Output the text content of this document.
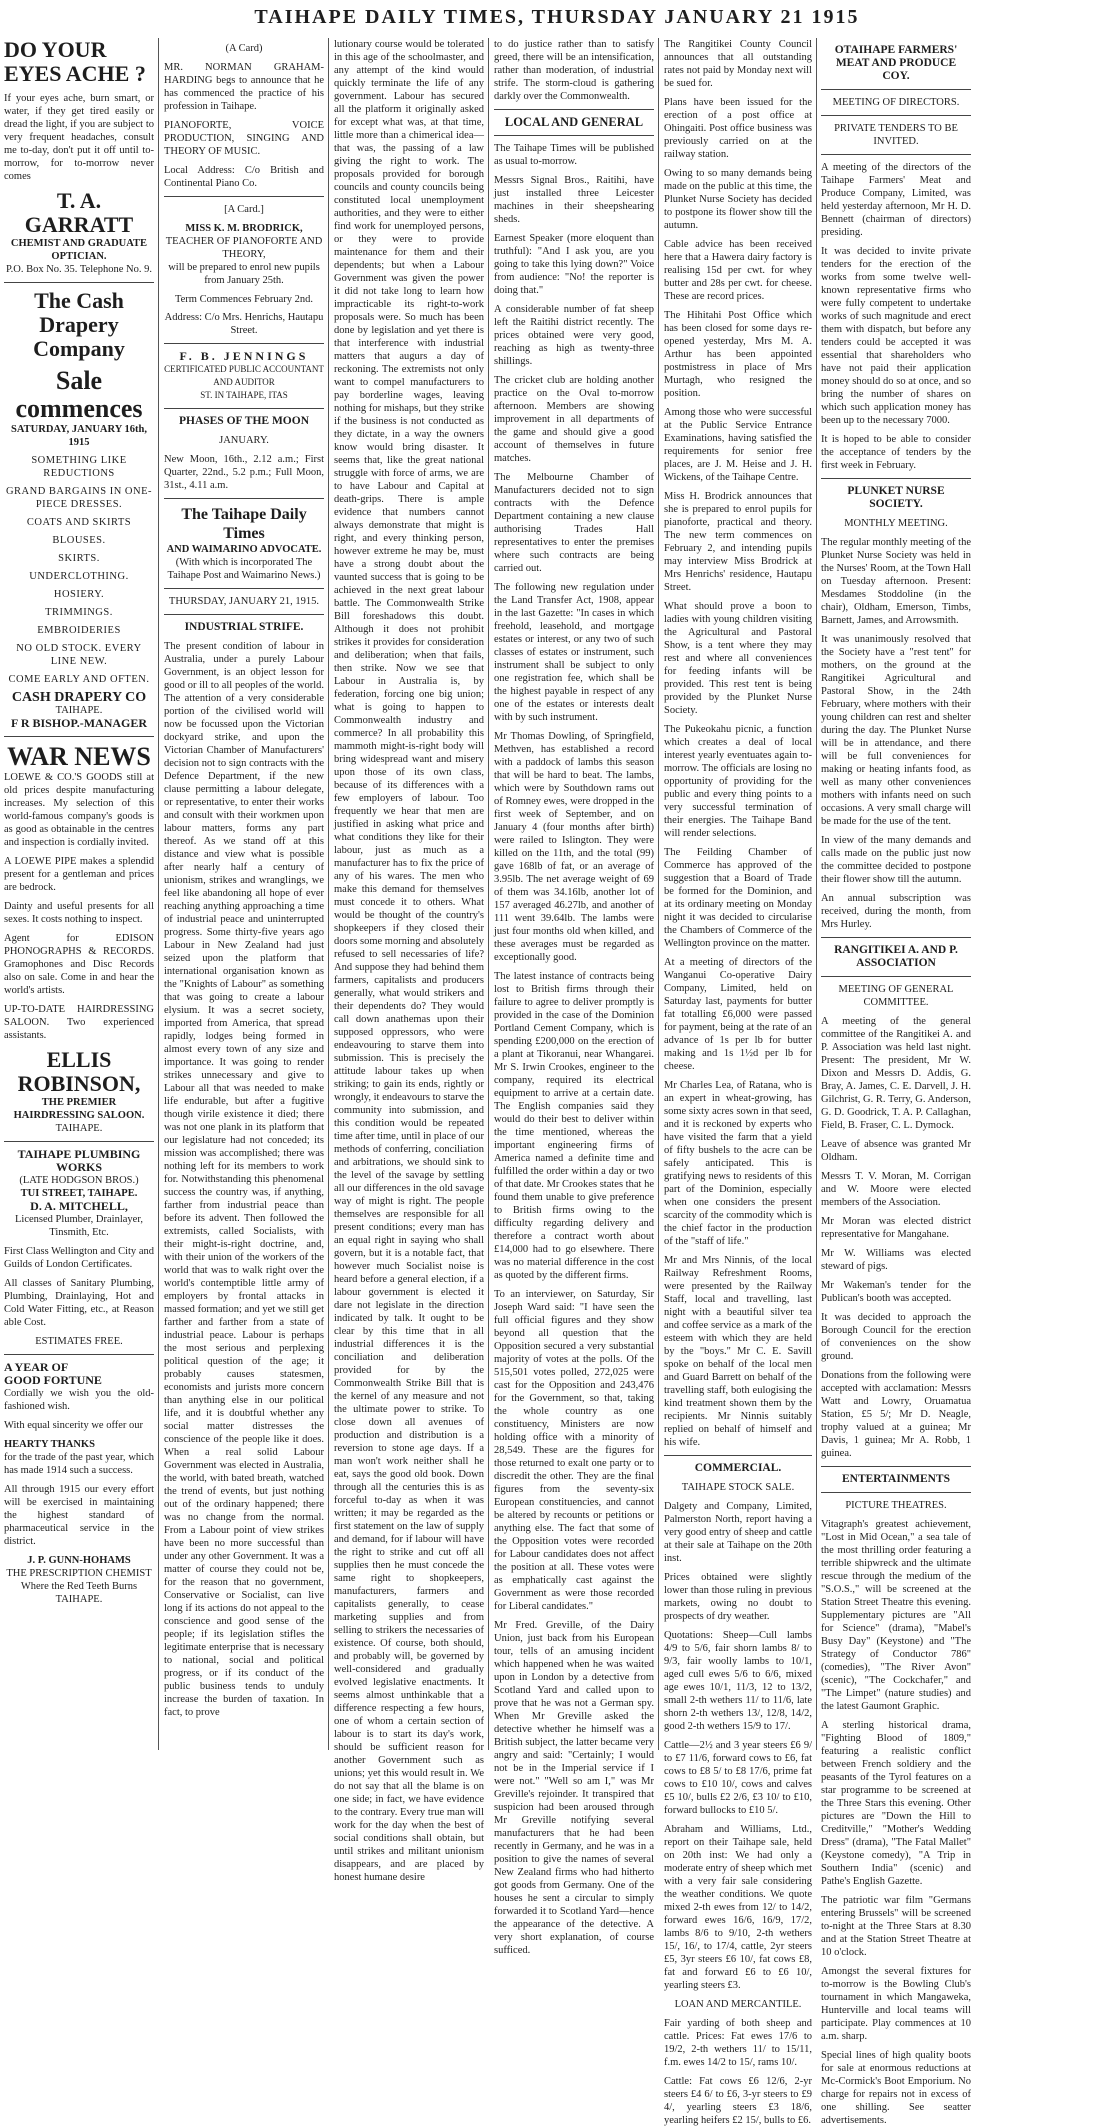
TAIHAPE DAILY TIMES, THURSDAY JANUARY 21 1915
DO YOUR EYES ACHE ?

If your eyes ache, burn smart, or water, if they get tired easily or dread the light, if you are subject to very frequent headaches, consult me to-day, don't put it off until to-morrow, for to-morrow never comes

T. A. GARRATT
CHEMIST AND GRADUATE OPTICIAN.
P.O. Box No. 35. Telephone No. 9.
The Cash Drapery Company
Sale commences
SATURDAY, JANUARY 16th, 1915
SOMETHING LIKE REDUCTIONS
GRAND BARGAINS IN ONE-PIECE DRESSES.
COATS AND SKIRTS
BLOUSES.
SKIRTS.
UNDERCLOTHING.
HOSIERY.
TRIMMINGS.
EMBROIDERIES
NO OLD STOCK. EVERY LINE NEW.
COME EARLY AND OFTEN.
CASH DRAPERY CO
TAIHAPE.
F R BISHOP.-MANAGER
WAR NEWS

LOEWE & CO.'S GOODS still at old prices despite manufacturing increases. My selection of this world-famous company's goods is as good as obtainable in the centres and inspection is cordially invited.

A LOEWE PIPE makes a splendid present for a gentleman and prices are bedrock.

Dainty and useful presents for all sexes. It costs nothing to inspect.

Agent for EDISON PHONOGRAPHS & RECORDS. Gramophones and Disc Records also on sale. Come in and hear the world's artists.

UP-TO-DATE HAIRDRESSING SALOON. Two experienced assistants.

ELLIS ROBINSON,
THE PREMIER HAIRDRESSING SALOON.
TAIHAPE.
TAIHAPE PLUMBING WORKS
(LATE HODGSON BROS.)
TUI STREET, TAIHAPE.
D. A. MITCHELL,

Licensed Plumber, Drainlayer, Tinsmith, Etc.

First Class Wellington and City and Guilds of London Certificates.

All classes of Sanitary Plumbing, Plumbing, Drainlaying, Hot and Cold Water Fitting, etc., at Reason able Cost.

ESTIMATES FREE.
A YEAR OF
GOOD FORTUNE

Cordially we wish you the old-fashioned wish.

With equal sincerity we offer our

HEARTY THANKS

for the trade of the past year, which has made 1914 such a success.

All through 1915 our every effort will be exercised in maintaining the highest standard of pharmaceutical service in the district.

J. P. GUNN-HOHAMS
THE PRESCRIPTION CHEMIST
Where the Red Teeth Burns
TAIHAPE.
(A Card)

MR. NORMAN GRAHAM-HARDING begs to announce that he has commenced the practice of his profession in Taihape.

PIANOFORTE, VOICE PRODUCTION, SINGING AND THEORY OF MUSIC.

Local Address: C/o British and Continental Piano Co.

[A Card.]
MISS K. M. BRODRICK,
TEACHER OF PIANOFORTE AND THEORY,

will be prepared to enrol new pupils from January 25th.

Term Commences February 2nd.

Address: C/o Mrs. Henrichs, Hautapu Street.

F. B. JENNINGS
CERTIFICATED PUBLIC ACCOUNTANT AND AUDITOR
ST. IN TAIHAPE, ITAS
PHASES OF THE MOON
JANUARY.

New Moon, 16th., 2.12 a.m.; First Quarter, 22nd., 5.2 p.m.; Full Moon, 31st., 4.11 a.m.

The Taihape Daily Times
AND WAIMARINO ADVOCATE.

(With which is incorporated The Taihape Post and Waimarino News.)

THURSDAY, JANUARY 21, 1915.
INDUSTRIAL STRIFE.

The present condition of labour in Australia, under a purely Labour Government, is an object lesson for good or ill to all peoples of the world. The attention of a very considerable portion of the civilised world will now be focussed upon the Victorian dockyard strike, and upon the Victorian Chamber of Manufacturers' decision not to sign contracts with the Defence Department, if the new clause permitting a labour delegate, or representative, to enter their works and consult with their workmen upon labour matters, forms any part thereof. As we stand off at this distance and view what is possible after nearly half a century of unionism, strikes and wranglings, we feel like abandoning all hope of ever reaching anything approaching a time of industrial peace and uninterrupted progress. Some thirty-five years ago Labour in New Zealand had just seized upon the platform that international organisation known as the "Knights of Labour" as something that was going to create a labour elysium. It was a secret society, imported from America, that spread rapidly, lodges being formed in almost every town of any size and importance. It was going to render strikes unnecessary and give to Labour all that was needed to make life endurable, but after a fugitive though virile existence it died; there was not one plank in its platform that our legislature had not conceded; its mission was accomplished; there was nothing left for its members to work for. Notwithstanding this phenomenal success the country was, if anything, farther from industrial peace than before its advent. Then followed the extremists, called Socialists, with their might-is-right doctrine, and, with their union of the workers of the world that was to walk right over the world's contemptible little army of employers by frontal attacks in massed formation; and yet we still get farther and farther from a state of industrial peace. Labour is perhaps the most serious and perplexing political question of the age; it probably causes statesmen, economists and jurists more concern than anything else in our political life, and it is doubtful whether any social matter distresses the conscience of the people like it does. When a real solid Labour Government was elected in Australia, the world, with bated breath, watched the trend of events, but just nothing out of the ordinary happened; there was no change from the normal. From a Labour point of view strikes have been no more successful than under any other Government. It was a matter of course they could not be, for the reason that no government, Conservative or Socialist, can live long if its actions do not appeal to the conscience and good sense of the people; if its legislation stifles the legitimate enterprise that is necessary to national, social and political progress, or if its conduct of the public business tends to unduly increase the burden of taxation. In fact, to prove

lutionary course would be tolerated in this age of the schoolmaster, and any attempt of the kind would quickly terminate the life of any government. Labour has secured all the platform it originally asked for except what was, at that time, little more than a chimerical idea—that was, the passing of a law giving the right to work. The proposals provided for borough councils and county councils being constituted local unemployment authorities, and they were to either find work for unemployed persons, or they were to provide maintenance for them and their dependents; but when a Labour Government was given the power it did not take long to learn how impracticable its right-to-work proposals were. So much has been done by legislation and yet there is that interference with industrial matters that augurs a day of reckoning. The extremists not only want to compel manufacturers to pay borderline wages, leaving nothing for mishaps, but they strike if the business is not conducted as they dictate, in a way the owners know would bring disaster. It seems that, like the great national struggle with force of arms, we are to have Labour and Capital at death-grips. There is ample evidence that numbers cannot always demonstrate that might is right, and every thinking person, however extreme he may be, must have a strong doubt about the vaunted success that is going to be achieved in the next great labour battle. The Commonwealth Strike Bill foreshadows this doubt. Although it does not prohibit strikes it provides for consideration and deliberation; when that fails, then strike. Now we see that Labour in Australia is, by federation, forcing one big union; what is going to happen to Commonwealth industry and commerce? In all probability this mammoth might-is-right body will bring widespread want and misery upon those of its own class, because of its differences with a few employers of labour. Too frequently we hear that men are justified in asking what price and what conditions they like for their labour, just as much as a manufacturer has to fix the price of any of his wares. The men who make this demand for themselves must concede it to others. What would be thought of the country's shopkeepers if they closed their doors some morning and absolutely refused to sell necessaries of life? And suppose they had behind them farmers, capitalists and producers generally, what would strikers and their dependents do? They would call down anathemas upon their supposed oppressors, who were endeavouring to starve them into submission. This is precisely the attitude labour takes up when striking; to gain its ends, rightly or wrongly, it endeavours to starve the community into submission, and this condition would be repeated time after time, until in place of our methods of conferring, conciliation and arbitrations, we should sink to the level of the savage by settling all our differences in the old savage way of might is right. The people themselves are responsible for all present conditions; every man has an equal right in saying who shall govern, but it is a notable fact, that however much Socialist noise is heard before a general election, if a labour government is elected it dare not legislate in the direction indicated by talk. It ought to be clear by this time that in all industrial differences it is the conciliation and deliberation provided for by the Commonwealth Strike Bill that is the kernel of any measure and not the ultimate power to strike. To close down all avenues of production and distribution is a reversion to stone age days. If a man won't work neither shall he eat, says the good old book. Down through all the centuries this is as forceful to-day as when it was written; it may be regarded as the first statement on the law of supply and demand, for if labour will have the right to strike and cut off all supplies then he must concede the same right to shopkeepers, manufacturers, farmers and capitalists generally, to cease marketing supplies and from selling to strikers the necessaries of existence. Of course, both should, and probably will, be governed by well-considered and gradually evolved legislative enactments. It seems almost unthinkable that a difference respecting a few hours, one of whom a certain section of labour is to start its day's work, should be sufficient reason for another Government such as unions; yet this would result in. We do not say that all the blame is on one side; in fact, we have evidence to the contrary. Every true man will work for the day when the best of social conditions shall obtain, but until strikes and militant unionism disappears, and are placed by honest humane desire

to do justice rather than to satisfy greed, there will be an intensification, rather than moderation, of industrial strife. The storm-cloud is gathering darkly over the Commonwealth.

LOCAL AND GENERAL

The Taihape Times will be published as usual to-morrow.

Messrs Signal Bros., Raitihi, have just installed three Leicester machines in their sheepshearing sheds.

Earnest Speaker (more eloquent than truthful): "And I ask you, are you going to take this lying down?" Voice from audience: "No! the reporter is doing that."

A considerable number of fat sheep left the Raitihi district recently. The prices obtained were very good, reaching as high as twenty-three shillings.

The cricket club are holding another practice on the Oval to-morrow afternoon. Members are showing improvement in all departments of the game and should give a good account of themselves in future matches.

The Melbourne Chamber of Manufacturers decided not to sign contracts with the Defence Department containing a new clause authorising Trades Hall representatives to enter the premises where such contracts are being carried out.

The following new regulation under the Land Transfer Act, 1908, appear in the last Gazette: "In cases in which freehold, leasehold, and mortgage estates or interest, or any two of such classes of estates or instrument, such instrument shall be subject to only one registration fee, which shall be the highest payable in respect of any one of the estates or interests dealt with by such instrument.

Mr Thomas Dowling, of Springfield, Methven, has established a record with a paddock of lambs this season that will be hard to beat. The lambs, which were by Southdown rams out of Romney ewes, were dropped in the first week of September, and on January 4 (four months after birth) were railed to Islington. They were killed on the 11th, and the total (99) gave 168lb of fat, or an average of 3.95lb. The net average weight of 69 of them was 34.16lb, another lot of 157 averaged 46.27lb, and another of 111 went 39.64lb. The lambs were just four months old when killed, and these averages must be regarded as exceptionally good.

The latest instance of contracts being lost to British firms through their failure to agree to deliver promptly is provided in the case of the Dominion Portland Cement Company, which is spending £200,000 on the erection of a plant at Tikoranui, near Whangarei. Mr S. Irwin Crookes, engineer to the company, required its electrical equipment to arrive at a certain date. The English companies said they would do their best to deliver within the time mentioned, whereas the important engineering firms of America named a definite time and fulfilled the order within a day or two of that date. Mr Crookes states that he found them unable to give preference to British firms owing to the difficulty regarding delivery and therefore a contract worth about £14,000 had to go elsewhere. There was no material difference in the cost as quoted by the different firms.

To an interviewer, on Saturday, Sir Joseph Ward said: "I have seen the full official figures and they show beyond all question that the Opposition secured a very substantial majority of votes at the polls. Of the 515,501 votes polled, 272,025 were cast for the Opposition and 243,476 for the Government, so that, taking the whole country as one constituency, Ministers are now holding office with a minority of 28,549. These are the figures for those returned to exalt one party or to discredit the other. They are the final figures from the seventy-six European constituencies, and cannot be altered by recounts or petitions or anything else. The fact that some of the Opposition votes were recorded for Labour candidates does not affect the position at all. These votes were as emphatically cast against the Government as were those recorded for Liberal candidates."

Mr Fred. Greville, of the Dairy Union, just back from his European tour, tells of an amusing incident which happened when he was waited upon in London by a detective from Scotland Yard and called upon to prove that he was not a German spy. When Mr Greville asked the detective whether he himself was a British subject, the latter became very angry and said: "Certainly; I would not be in the Imperial service if I were not." "Well so am I," was Mr Greville's rejoinder. It transpired that suspicion had been aroused through Mr Greville notifying several manufacturers that he had been recently in Germany, and he was in a position to give the names of several New Zealand firms who had hitherto got goods from Germany. One of the houses he sent a circular to simply forwarded it to Scotland Yard—hence the appearance of the detective. A very short explanation, of course sufficed.

The Rangitikei County Council announces that all outstanding rates not paid by Monday next will be sued for.

Plans have been issued for the erection of a post office at Ohingaiti. Post office business was previously carried on at the railway station.

Owing to so many demands being made on the public at this time, the Plunket Nurse Society has decided to postpone its flower show till the autumn.

Cable advice has been received here that a Hawera dairy factory is realising 15d per cwt. for whey butter and 28s per cwt. for cheese. These are record prices.

The Hihitahi Post Office which has been closed for some days re-opened yesterday, Mrs M. A. Arthur has been appointed postmistress in place of Mrs Murtagh, who resigned the position.

Among those who were successful at the Public Service Entrance Examinations, having satisfied the requirements for senior free places, are J. M. Heise and J. H. Wickens, of the Taihape Centre.

Miss H. Brodrick announces that she is prepared to enrol pupils for pianoforte, practical and theory. The new term commences on February 2, and intending pupils may interview Miss Brodrick at Mrs Henrichs' residence, Hautapu Street.

What should prove a boon to ladies with young children visiting the Agricultural and Pastoral Show, is a tent where they may rest and where all conveniences for feeding infants will be provided. This rest tent is being provided by the Plunket Nurse Society.

The Pukeokahu picnic, a function which creates a deal of local interest yearly eventuates again to-morrow. The officials are losing no opportunity of providing for the public and every thing points to a very successful termination of their energies. The Taihape Band will render selections.

The Feilding Chamber of Commerce has approved of the suggestion that a Board of Trade be formed for the Dominion, and at its ordinary meeting on Monday night it was decided to circularise the Chambers of Commerce of the Wellington province on the matter.

At a meeting of directors of the Wanganui Co-operative Dairy Company, Limited, held on Saturday last, payments for butter fat totalling £6,000 were passed for payment, being at the rate of an advance of 1s per lb for butter making and 1s 1½d per lb for cheese.

Mr Charles Lea, of Ratana, who is an expert in wheat-growing, has some sixty acres sown in that seed, and it is reckoned by experts who have visited the farm that a yield of fifty bushels to the acre can be safely anticipated. This is gratifying news to residents of this part of the Dominion, especially when one considers the present scarcity of the commodity which is the chief factor in the production of the "staff of life."

Mr and Mrs Ninnis, of the local Railway Refreshment Rooms, were presented by the Railway Staff, local and travelling, last night with a beautiful silver tea and coffee service as a mark of the esteem with which they are held by the "boys." Mr C. E. Savill spoke on behalf of the local men and Guard Barrett on behalf of the travelling staff, both eulogising the kind treatment shown them by the recipients. Mr Ninnis suitably replied on behalf of himself and his wife.

COMMERCIAL.
TAIHAPE STOCK SALE.

Dalgety and Company, Limited, Palmerston North, report having a very good entry of sheep and cattle at their sale at Taihape on the 20th inst.

Prices obtained were slightly lower than those ruling in previous markets, owing no doubt to prospects of dry weather.

Quotations: Sheep—Cull lambs 4/9 to 5/6, fair shorn lambs 8/ to 9/3, fair woolly lambs to 10/1, aged cull ewes 5/6 to 6/6, mixed age ewes 10/1, 11/3, 12 to 13/2, small 2-th wethers 11/ to 11/6, late shorn 2-th wethers 13/, 12/8, 14/2, good 2-th wethers 15/9 to 17/.

Cattle—2½ and 3 year steers £6 9/ to £7 11/6, forward cows to £6, fat cows to £8 5/ to £8 17/6, prime fat cows to £10 10/, cows and calves £5 10/, bulls £2 2/6, £3 10/ to £10, forward bullocks to £10 5/.

Abraham and Williams, Ltd., report on their Taihape sale, held on 20th inst: We had only a moderate entry of sheep which met with a very fair sale considering the weather conditions. We quote mixed 2-th ewes from 12/ to 14/2, forward ewes 16/6, 16/9, 17/2, lambs 8/6 to 9/10, 2-th wethers 15/, 16/, to 17/4, cattle, 2yr steers £5, 3yr steers £6 10/, fat cows £8, fat and forward £6 to £6 10/, yearling steers £3.

LOAN AND MERCANTILE.

Fair yarding of both sheep and cattle. Prices: Fat ewes 17/6 to 19/2, 2-th wethers 11/ to 15/11, f.m. ewes 14/2 to 15/, rams 10/.

Cattle: Fat cows £6 12/6, 2-yr steers £4 6/ to £6, 3-yr steers to £9 4/, yearling steers £3 18/6, yearling heifers £2 15/, bulls to £6.

OTAIHAPE FARMERS' MEAT AND PRODUCE COY.
MEETING OF DIRECTORS.
PRIVATE TENDERS TO BE INVITED.

A meeting of the directors of the Taihape Farmers' Meat and Produce Company, Limited, was held yesterday afternoon, Mr H. D. Bennett (chairman of directors) presiding.

It was decided to invite private tenders for the erection of the works from some twelve well-known representative firms who were fully competent to undertake works of such magnitude and erect them with dispatch, but before any tenders could be accepted it was essential that shareholders who have not paid their application money should do so at once, and so bring the number of shares on which such application money has been up to the necessary 7000.

It is hoped to be able to consider the acceptance of tenders by the first week in February.

PLUNKET NURSE SOCIETY.
MONTHLY MEETING.

The regular monthly meeting of the Plunket Nurse Society was held in the Nurses' Room, at the Town Hall on Tuesday afternoon. Present: Mesdames Stoddoline (in the chair), Oldham, Emerson, Timbs, Barnett, James, and Arrowsmith.

It was unanimously resolved that the Society have a "rest tent" for mothers, on the ground at the Rangitikei Agricultural and Pastoral Show, in the 24th February, where mothers with their young children can rest and shelter during the day. The Plunket Nurse will be in attendance, and there will be full conveniences for making or heating infants food, as well as many other conveniences mothers with infants need on such occasions. A very small charge will be made for the use of the tent.

In view of the many demands and calls made on the public just now the committee decided to postpone their flower show till the autumn.

An annual subscription was received, during the month, from Mrs Hurley.

RANGITIKEI A. AND P. ASSOCIATION
MEETING OF GENERAL COMMITTEE.

A meeting of the general committee of the Rangitikei A. and P. Association was held last night. Present: The president, Mr W. Dixon and Messrs D. Addis, G. Bray, A. James, C. E. Darvell, J. H. Gilchrist, G. R. Terry, G. Anderson, G. D. Goodrick, T. A. P. Callaghan, Field, B. Fraser, C. L. Dymock.

Leave of absence was granted Mr Oldham.

Messrs T. V. Moran, M. Corrigan and W. Moore were elected members of the Association.

Mr Moran was elected district representative for Mangahane.

Mr W. Williams was elected steward of pigs.

Mr Wakeman's tender for the Publican's booth was accepted.

It was decided to approach the Borough Council for the erection of conveniences on the show ground.

Donations from the following were accepted with acclamation: Messrs Watt and Lowry, Oruamatua Station, £5 5/; Mr D. Neagle, trophy valued at a guinea; Mr Davis, 1 guinea; Mr A. Robb, 1 guinea.

ENTERTAINMENTS
PICTURE THEATRES.

Vitagraph's greatest achievement, "Lost in Mid Ocean," a sea tale of the most thrilling order featuring a terrible shipwreck and the ultimate rescue through the medium of the "S.O.S.," will be screened at the Station Street Theatre this evening. Supplementary pictures are "All for Science" (drama), "Mabel's Busy Day" (Keystone) and "The Strategy of Conductor 786" (comedies), "The River Avon" (scenic), "The Cockchafer," and "The Limpet" (nature studies) and the latest Gaumont Graphic.

A sterling historical drama, "Fighting Blood of 1809," featuring a realistic conflict between French soldiery and the peasants of the Tyrol features on a star programme to be screened at the Three Stars this evening. Other pictures are "Down the Hill to Creditville," "Mother's Wedding Dress" (drama), "The Fatal Mallet" (Keystone comedy), "A Trip in Southern India" (scenic) and Pathe's English Gazette.

The patriotic war film "Germans entering Brussels" will be screened to-night at the Three Stars at 8.30 and at the Station Street Theatre at 10 o'clock.

Amongst the several fixtures for to-morrow is the Bowling Club's tournament in which Mangaweka, Hunterville and local teams will participate. Play commences at 10 a.m. sharp.

Special lines of high quality boots for sale at enormous reductions at Mc-Cormick's Boot Emporium. No charge for repairs not in excess of one shilling. See seatter advertisements.
